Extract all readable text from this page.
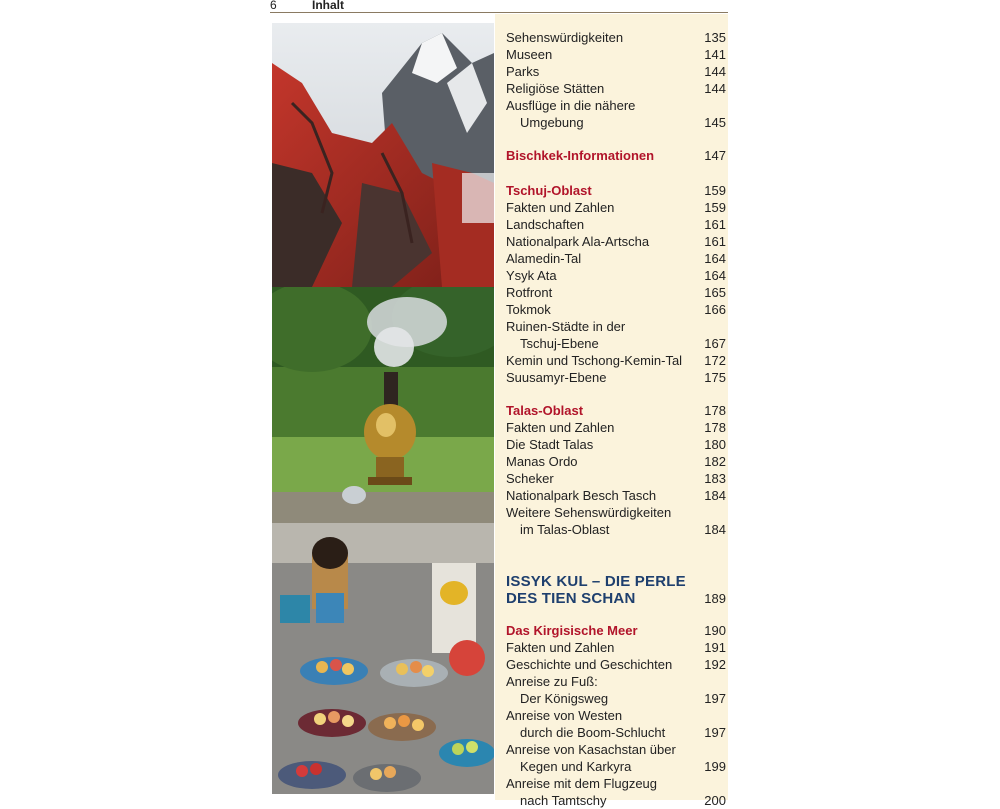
6	Inhalt
Sehenswürdigkeiten	135
Museen	141
Parks	144
Religiöse Stätten	144
Ausflüge in die nähere
Umgebung	145
Bischkek-Informationen	147
Tschuj-Oblast	159
Fakten und Zahlen	159
Landschaften	161
Nationalpark Ala-Artscha	161
Alamedin-Tal	164
Ysyk Ata	164
Rotfront	165
Tokmok	166
Ruinen-Städte in der
Tschuj-Ebene	167
Kemin und Tschong-Kemin-Tal 172
Suusamyr-Ebene	175
Talas-Oblast	178
Fakten und Zahlen	178
Die Stadt Talas	180
Manas Ordo	182
Scheker	183
Nationalpark Besch Tasch	184
Weitere Sehenswürdigkeiten
im Talas-Oblast	184
ISSYK KUL – DIE PERLE
DES TIEN SCHAN	189
Das Kirgisische Meer	190
Fakten und Zahlen	191
Geschichte und Geschichten 192
Anreise zu Fuß:
Der Königsweg	197
Anreise von Westen
durch die Boom-Schlucht	197
Anreise von Kasachstan über
Kegen und Karkyra	199
Anreise mit dem Flugzeug
nach Tamtschy	200
